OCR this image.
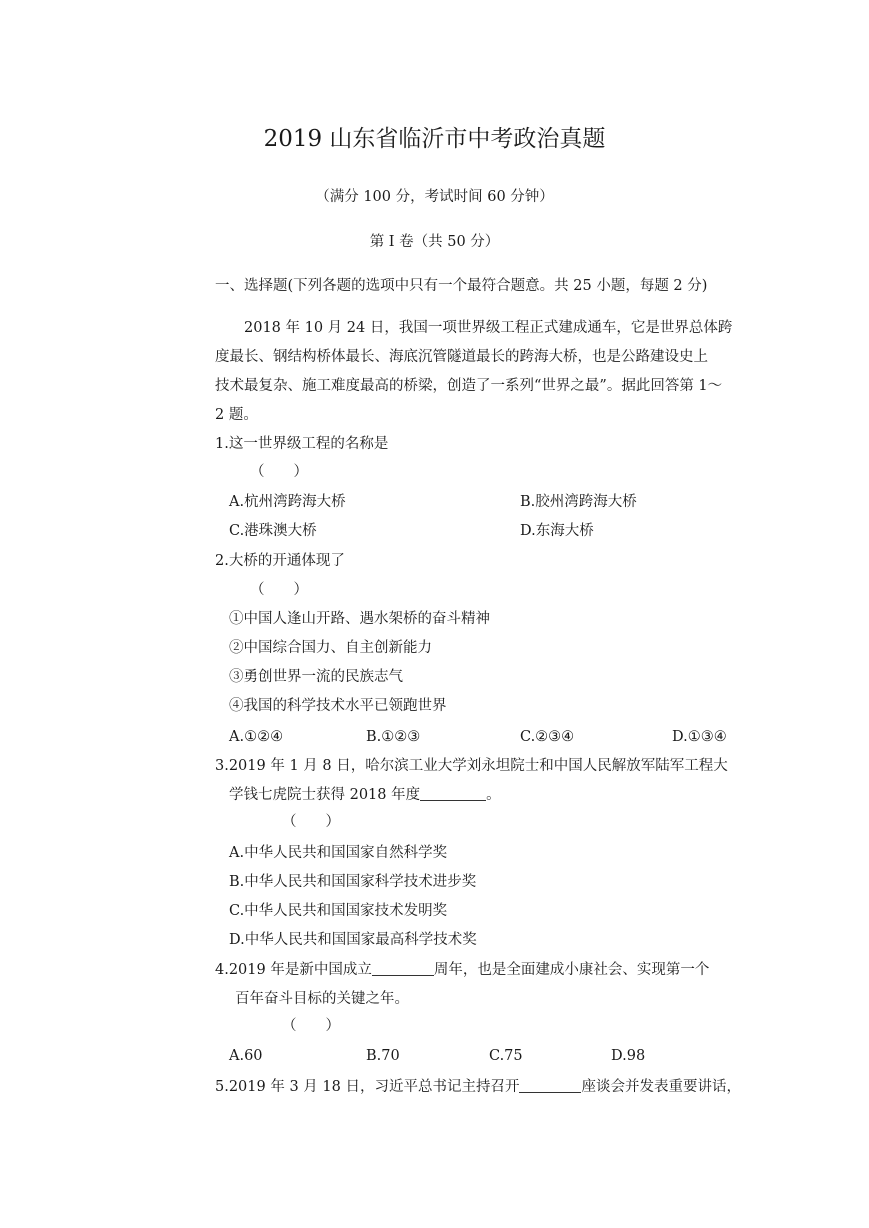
2019 山东省临沂市中考政治真题
（满分 100 分，考试时间 60 分钟）
第 I 卷（共 50 分）
一、选择题(下列各题的选项中只有一个最符合题意。共 25 小题，每题 2 分)
2018 年 10 月 24 日，我国一项世界级工程正式建成通车，它是世界总体跨
度最长、钢结构桥体最长、海底沉管隧道最长的跨海大桥，也是公路建设史上
技术最复杂、施工难度最高的桥梁，创造了一系列“世界之最”。据此回答第 1～
2 题。
1.这一世界级工程的名称是
（　　）
A.杭州湾跨海大桥	B.胶州湾跨海大桥
C.港珠澳大桥	D.东海大桥
2.大桥的开通体现了
（　　）
①中国人逢山开路、遇水架桥的奋斗精神
②中国综合国力、自主创新能力
③勇创世界一流的民族志气
④我国的科学技术水平已领跑世界
A.①②④	B.①②③	C.②③④	D.①③④
3.2019 年 1 月 8 日，哈尔滨工业大学刘永坦院士和中国人民解放军陆军工程大
学钱七虎院士获得 2018 年度	。
（　　）
A.中华人民共和国国家自然科学奖
B.中华人民共和国国家科学技术进步奖
C.中华人民共和国国家技术发明奖
D.中华人民共和国国家最高科学技术奖
4.2019 年是新中国成立	周年，也是全面建成小康社会、实现第一个
百年奋斗目标的关键之年。
（　　）
A.60	B.70	C.75	D.98
5.2019 年 3 月 18 日，习近平总书记主持召开	座谈会并发表重要讲话，
